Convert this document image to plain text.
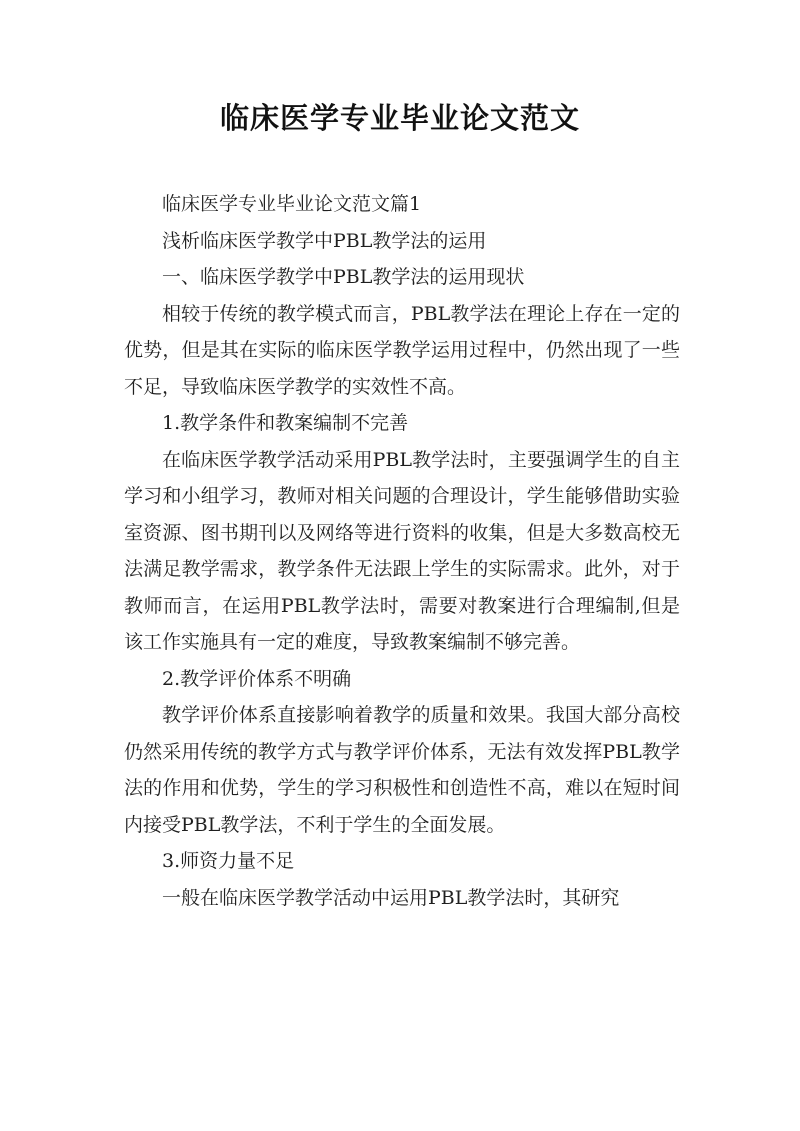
临床医学专业毕业论文范文

临床医学专业毕业论文范文篇1

浅析临床医学教学中PBL教学法的运用

一、临床医学教学中PBL教学法的运用现状

相较于传统的教学模式而言，PBL教学法在理论上存在一定的优势，但是其在实际的临床医学教学运用过程中，仍然出现了一些不足，导致临床医学教学的实效性不高。

1.教学条件和教案编制不完善

在临床医学教学活动采用PBL教学法时，主要强调学生的自主学习和小组学习，教师对相关问题的合理设计，学生能够借助实验室资源、图书期刊以及网络等进行资料的收集，但是大多数高校无法满足教学需求，教学条件无法跟上学生的实际需求。此外，对于教师而言，在运用PBL教学法时，需要对教案进行合理编制,但是该工作实施具有一定的难度，导致教案编制不够完善。

2.教学评价体系不明确

教学评价体系直接影响着教学的质量和效果。我国大部分高校仍然采用传统的教学方式与教学评价体系，无法有效发挥PBL教学法的作用和优势，学生的学习积极性和创造性不高，难以在短时间内接受PBL教学法，不利于学生的全面发展。

3.师资力量不足

一般在临床医学教学活动中运用PBL教学法时，其研究
